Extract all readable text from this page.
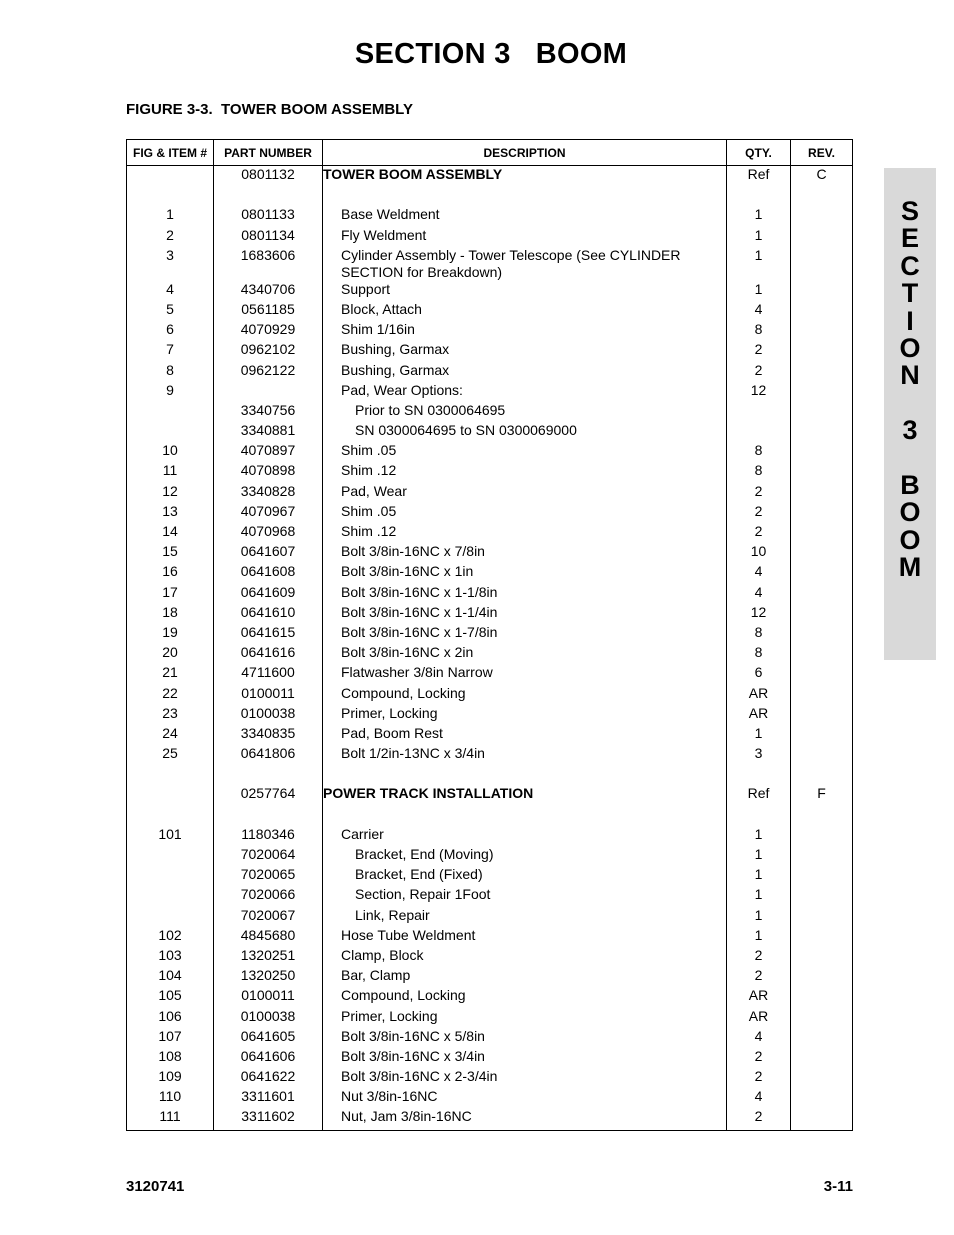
SECTION 3   BOOM
FIGURE 3-3.  TOWER BOOM ASSEMBLY
FIG & ITEM #	PART NUMBER	DESCRIPTION	QTY.	REV.
	0801132	TOWER BOOM ASSEMBLY	Ref	C

1	0801133	Base Weldment	1	
2	0801134	Fly Weldment	1	
3	1683606	Cylinder Assembly - Tower Telescope (See CYLINDER SECTION for Breakdown)	1	
4	4340706	Support	1	
5	0561185	Block, Attach	4	
6	4070929	Shim 1/16in	8	
7	0962102	Bushing, Garmax	2	
8	0962122	Bushing, Garmax	2	
9		Pad, Wear Options:	12	
	3340756	Prior to SN 0300064695		
	3340881	SN 0300064695 to SN 0300069000		
10	4070897	Shim .05	8	
11	4070898	Shim .12	8	
12	3340828	Pad, Wear	2	
13	4070967	Shim .05	2	
14	4070968	Shim .12	2	
15	0641607	Bolt 3/8in-16NC x 7/8in	10	
16	0641608	Bolt 3/8in-16NC x 1in	4	
17	0641609	Bolt 3/8in-16NC x 1-1/8in	4	
18	0641610	Bolt 3/8in-16NC x 1-1/4in	12	
19	0641615	Bolt 3/8in-16NC x 1-7/8in	8	
20	0641616	Bolt 3/8in-16NC x 2in	8	
21	4711600	Flatwasher 3/8in Narrow	6	
22	0100011	Compound, Locking	AR	
23	0100038	Primer, Locking	AR	
24	3340835	Pad, Boom Rest	1	
25	0641806	Bolt 1/2in-13NC x 3/4in	3	

	0257764	POWER TRACK INSTALLATION	Ref	F

101	1180346	Carrier	1	
	7020064	Bracket, End (Moving)	1	
	7020065	Bracket, End (Fixed)	1	
	7020066	Section, Repair 1Foot	1	
	7020067	Link, Repair	1	
102	4845680	Hose Tube Weldment	1	
103	1320251	Clamp, Block	2	
104	1320250	Bar, Clamp	2	
105	0100011	Compound, Locking	AR	
106	0100038	Primer, Locking	AR	
107	0641605	Bolt 3/8in-16NC x 5/8in	4	
108	0641606	Bolt 3/8in-16NC x 3/4in	2	
109	0641622	Bolt 3/8in-16NC x 2-3/4in	2	
110	3311601	Nut 3/8in-16NC	4	
111	3311602	Nut, Jam 3/8in-16NC	2	
S
E
C
T
I
O
N
3
B
O
O
M
3120741	3-11
